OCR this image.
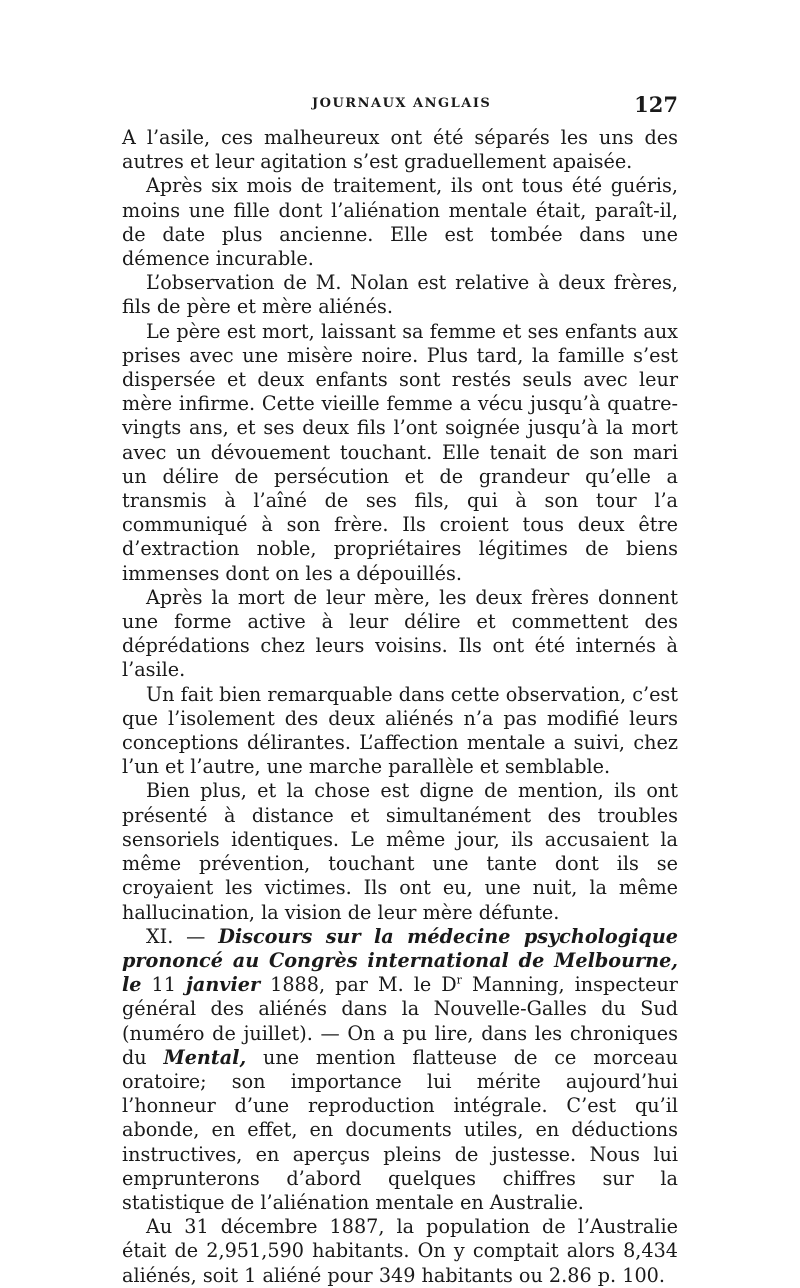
JOURNAUX ANGLAIS	127

A l’asile, ces malheureux ont été séparés les uns des autres et leur agitation s’est graduellement apaisée.

Après six mois de traitement, ils ont tous été guéris, moins une fille dont l’aliénation mentale était, paraît-il, de date plus ancienne. Elle est tombée dans une démence incurable.

L’observation de M. Nolan est relative à deux frères, fils de père et mère aliénés.

Le père est mort, laissant sa femme et ses enfants aux prises avec une misère noire. Plus tard, la famille s’est dispersée et deux enfants sont restés seuls avec leur mère infirme. Cette vieille femme a vécu jusqu’à quatre-vingts ans, et ses deux fils l’ont soignée jusqu’à la mort avec un dévouement touchant. Elle tenait de son mari un délire de persécution et de grandeur qu’elle a transmis à l’aîné de ses fils, qui à son tour l’a communiqué à son frère. Ils croient tous deux être d’extraction noble, propriétaires légitimes de biens immenses dont on les a dépouillés.

Après la mort de leur mère, les deux frères donnent une forme active à leur délire et commettent des déprédations chez leurs voisins. Ils ont été internés à l’asile.

Un fait bien remarquable dans cette observation, c’est que l’isolement des deux aliénés n’a pas modifié leurs conceptions délirantes. L’affection mentale a suivi, chez l’un et l’autre, une marche parallèle et semblable.

Bien plus, et la chose est digne de mention, ils ont présenté à distance et simultanément des troubles sensoriels identiques. Le même jour, ils accusaient la même prévention, touchant une tante dont ils se croyaient les victimes. Ils ont eu, une nuit, la même hallucination, la vision de leur mère défunte.

XI. — Discours sur la médecine psychologique prononcé au Congrès international de Melbourne, le 11 janvier 1888, par M. le $D^r$ Manning, inspecteur général des aliénés dans la Nouvelle-Galles du Sud (numéro de juillet). — On a pu lire, dans les chroniques du Mental, une mention flatteuse de ce morceau oratoire; son importance lui mérite aujourd’hui l’honneur d’une reproduction intégrale. C’est qu’il abonde, en effet, en documents utiles, en déductions instructives, en aperçus pleins de justesse. Nous lui emprunterons d’abord quelques chiffres sur la statistique de l’aliénation mentale en Australie.

Au 31 décembre 1887, la population de l’Australie était de 2,951,590 habitants. On y comptait alors 8,434 aliénés, soit 1 aliéné pour 349 habitants ou 2.86 p. 100.
